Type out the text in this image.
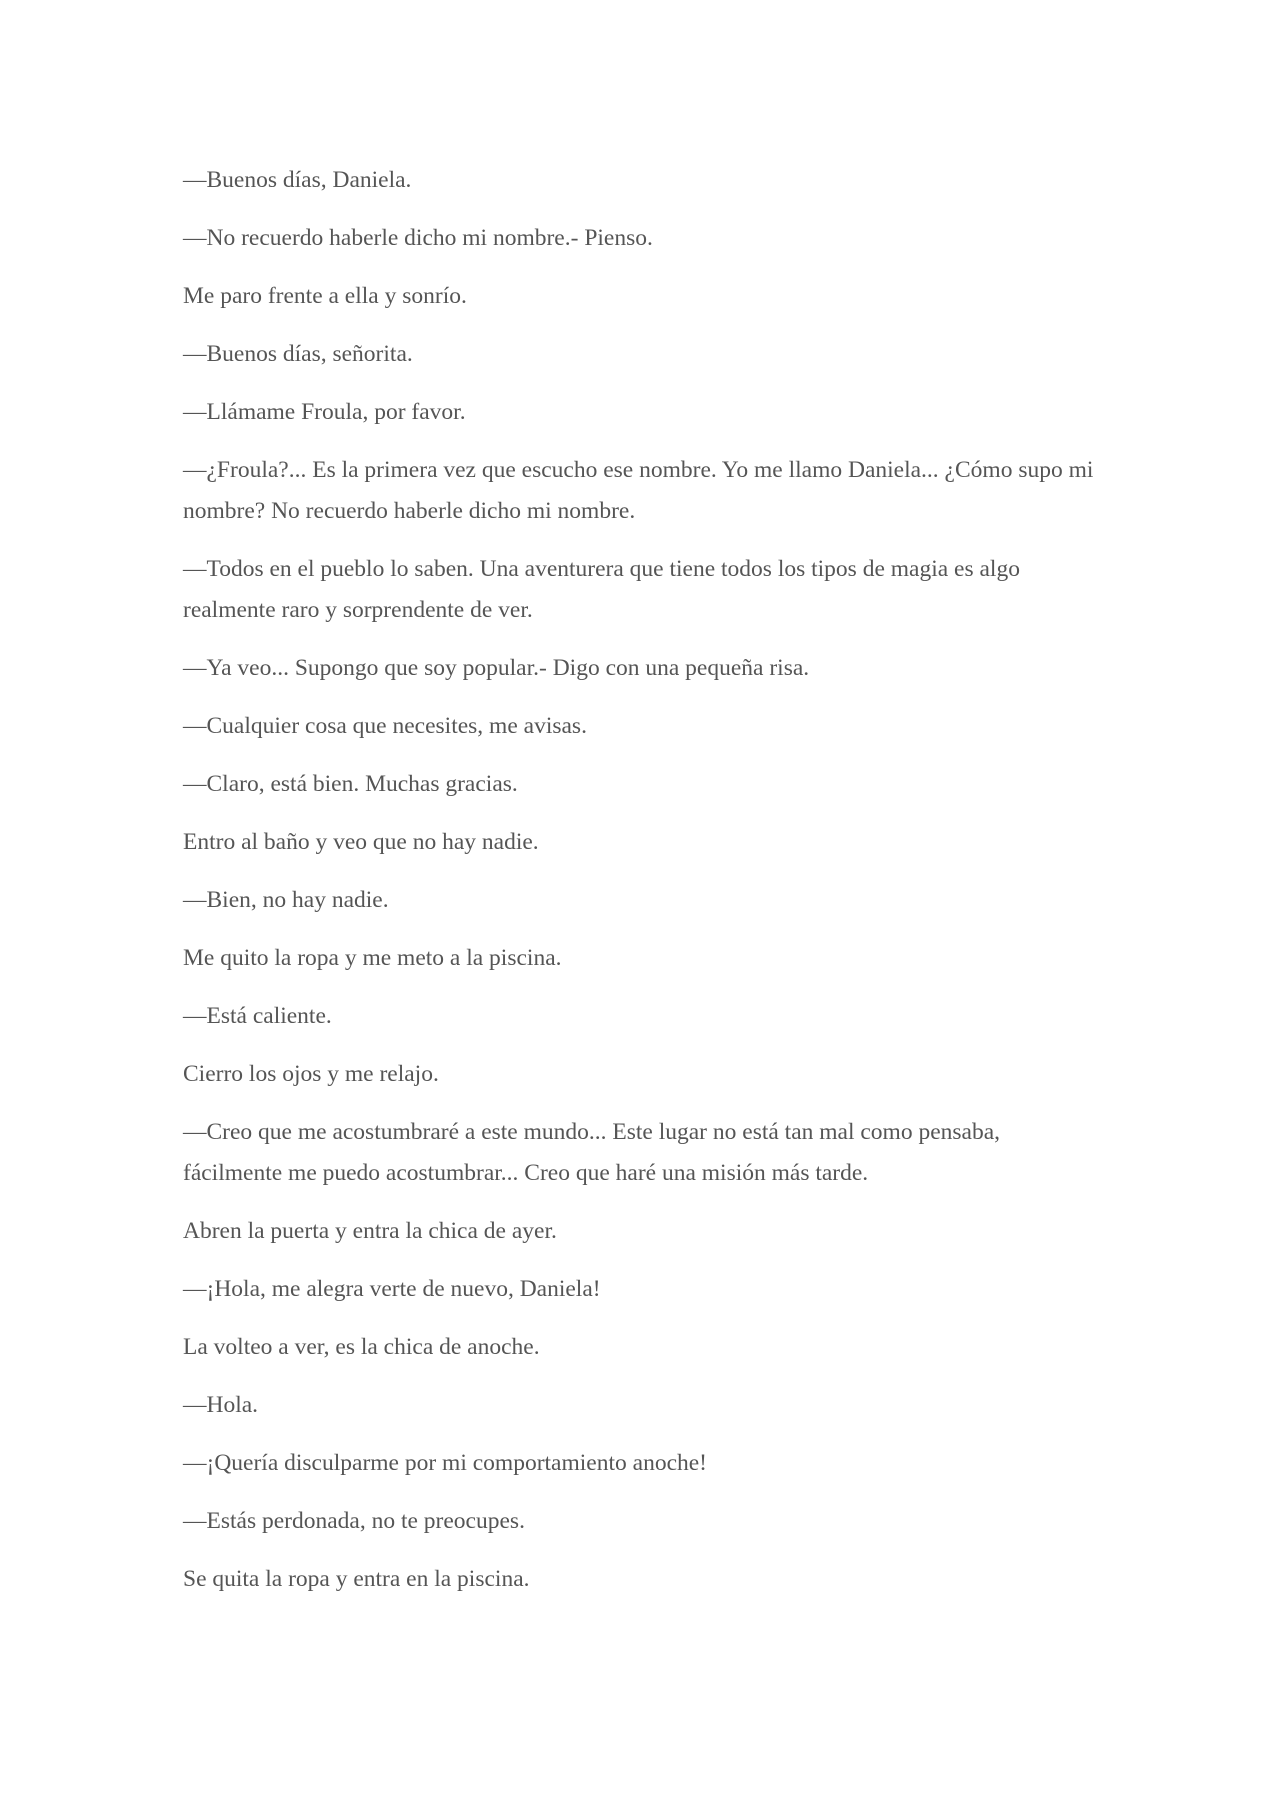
—Buenos días, Daniela.

—No recuerdo haberle dicho mi nombre.- Pienso.

Me paro frente a ella y sonrío.

—Buenos días, señorita.

—Llámame Froula, por favor.

—¿Froula?... Es la primera vez que escucho ese nombre. Yo me llamo Daniela... ¿Cómo supo mi nombre? No recuerdo haberle dicho mi nombre.

—Todos en el pueblo lo saben. Una aventurera que tiene todos los tipos de magia es algo realmente raro y sorprendente de ver.

—Ya veo... Supongo que soy popular.- Digo con una pequeña risa.

—Cualquier cosa que necesites, me avisas.

—Claro, está bien. Muchas gracias.

Entro al baño y veo que no hay nadie.

—Bien, no hay nadie.

Me quito la ropa y me meto a la piscina.

—Está caliente.

Cierro los ojos y me relajo.

—Creo que me acostumbraré a este mundo... Este lugar no está tan mal como pensaba, fácilmente me puedo acostumbrar... Creo que haré una misión más tarde.

Abren la puerta y entra la chica de ayer.

—¡Hola, me alegra verte de nuevo, Daniela!

La volteo a ver, es la chica de anoche.

—Hola.

—¡Quería disculparme por mi comportamiento anoche!

—Estás perdonada, no te preocupes.

Se quita la ropa y entra en la piscina.
